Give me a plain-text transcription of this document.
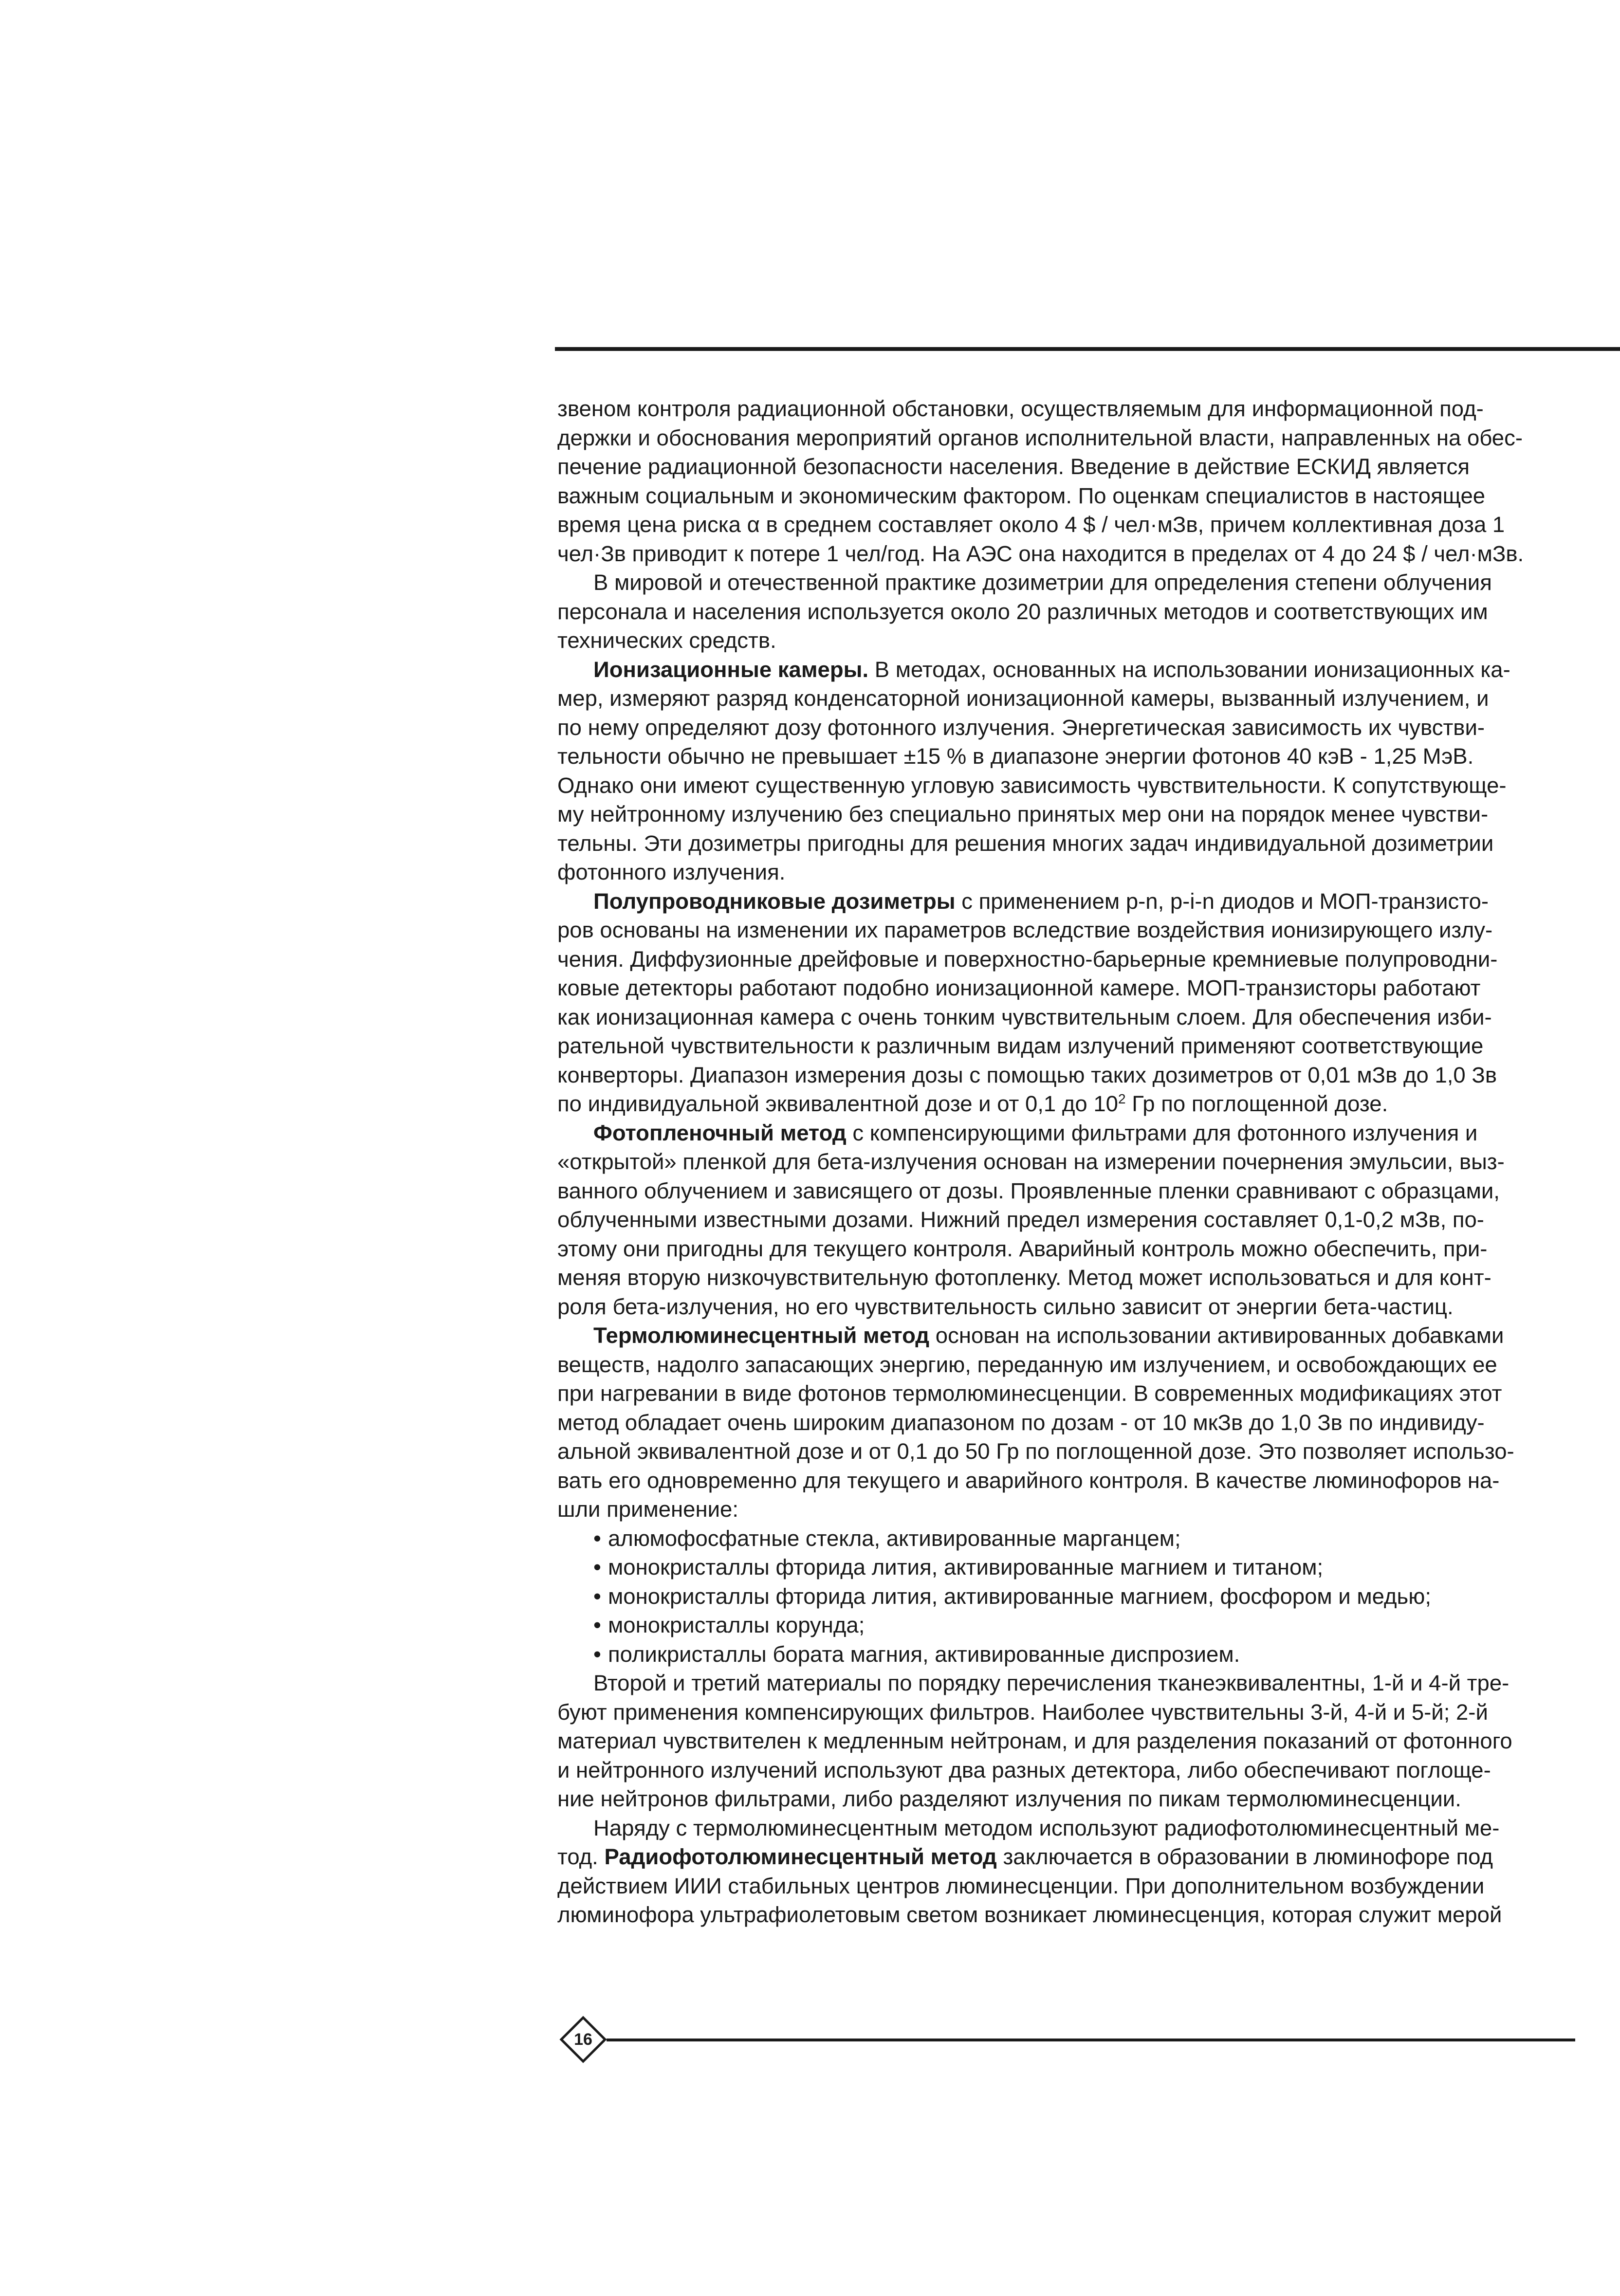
звеном контроля радиационной обстановки, осуществляемым для информационной под-
держки и обоснования мероприятий органов исполнительной власти, направленных на обес-
печение радиационной безопасности населения. Введение в действие ЕСКИД является
важным социальным и экономическим фактором. По оценкам специалистов в настоящее
время цена риска α в среднем составляет около 4 $ / чел·мЗв, причем коллективная доза 1
чел·Зв приводит к потере 1 чел/год. На АЭС она находится в пределах от 4 до 24 $ / чел·мЗв.
В мировой и отечественной практике дозиметрии для определения степени облучения
персонала и населения используется около 20 различных методов и соответствующих им
технических средств.
Ионизационные камеры. В методах, основанных на использовании ионизационных ка-
мер, измеряют разряд конденсаторной ионизационной камеры, вызванный излучением, и
по нему определяют дозу фотонного излучения. Энергетическая зависимость их чувстви-
тельности обычно не превышает ±15 % в диапазоне энергии фотонов 40 кэВ - 1,25 МэВ.
Однако они имеют существенную угловую зависимость чувствительности. К сопутствующе-
му нейтронному излучению без специально принятых мер они на порядок менее чувстви-
тельны. Эти дозиметры пригодны для решения многих задач индивидуальной дозиметрии
фотонного излучения.
Полупроводниковые дозиметры с применением p-n, p-i-n диодов и МОП-транзисто-
ров основаны на изменении их параметров вследствие воздействия ионизирующего излу-
чения. Диффузионные дрейфовые и поверхностно-барьерные кремниевые полупроводни-
ковые детекторы работают подобно ионизационной камере. МОП-транзисторы работают
как ионизационная камера с очень тонким чувствительным слоем. Для обеспечения изби-
рательной чувствительности к различным видам излучений применяют соответствующие
конверторы. Диапазон измерения дозы с помощью таких дозиметров от 0,01 мЗв до 1,0 Зв
по индивидуальной эквивалентной дозе и от 0,1 до $10^2$ Гр по поглощенной дозе.
Фотопленочный метод с компенсирующими фильтрами для фотонного излучения и
«открытой» пленкой для бета-излучения основан на измерении почернения эмульсии, выз-
ванного облучением и зависящего от дозы. Проявленные пленки сравнивают с образцами,
облученными известными дозами. Нижний предел измерения составляет 0,1-0,2 мЗв, по-
этому они пригодны для текущего контроля. Аварийный контроль можно обеспечить, при-
меняя вторую низкочувствительную фотопленку. Метод может использоваться и для конт-
роля бета-излучения, но его чувствительность сильно зависит от энергии бета-частиц.
Термолюминесцентный метод основан на использовании активированных добавками
веществ, надолго запасающих энергию, переданную им излучением, и освобождающих ее
при нагревании в виде фотонов термолюминесценции. В современных модификациях этот
метод обладает очень широким диапазоном по дозам - от 10 мкЗв до 1,0 Зв по индивиду-
альной эквивалентной дозе и от 0,1 до 50 Гр по поглощенной дозе. Это позволяет использо-
вать его одновременно для текущего и аварийного контроля. В качестве люминофоров на-
шли применение:
• алюмофосфатные стекла, активированные марганцем;
• монокристаллы фторида лития, активированные магнием и титаном;
• монокристаллы фторида лития, активированные магнием, фосфором и медью;
• монокристаллы корунда;
• поликристаллы бората магния, активированные диспрозием.
Второй и третий материалы по порядку перечисления тканеэквивалентны, 1-й и 4-й тре-
буют применения компенсирующих фильтров. Наиболее чувствительны 3-й, 4-й и 5-й; 2-й
материал чувствителен к медленным нейтронам, и для разделения показаний от фотонного
и нейтронного излучений используют два разных детектора, либо обеспечивают поглоще-
ние нейтронов фильтрами, либо разделяют излучения по пикам термолюминесценции.
Наряду с термолюминесцентным методом используют радиофотолюминесцентный ме-
тод. Радиофотолюминесцентный метод заключается в образовании в люминофоре под
действием ИИИ стабильных центров люминесценции. При дополнительном возбуждении
люминофора ультрафиолетовым светом возникает люминесценция, которая служит мерой
16
